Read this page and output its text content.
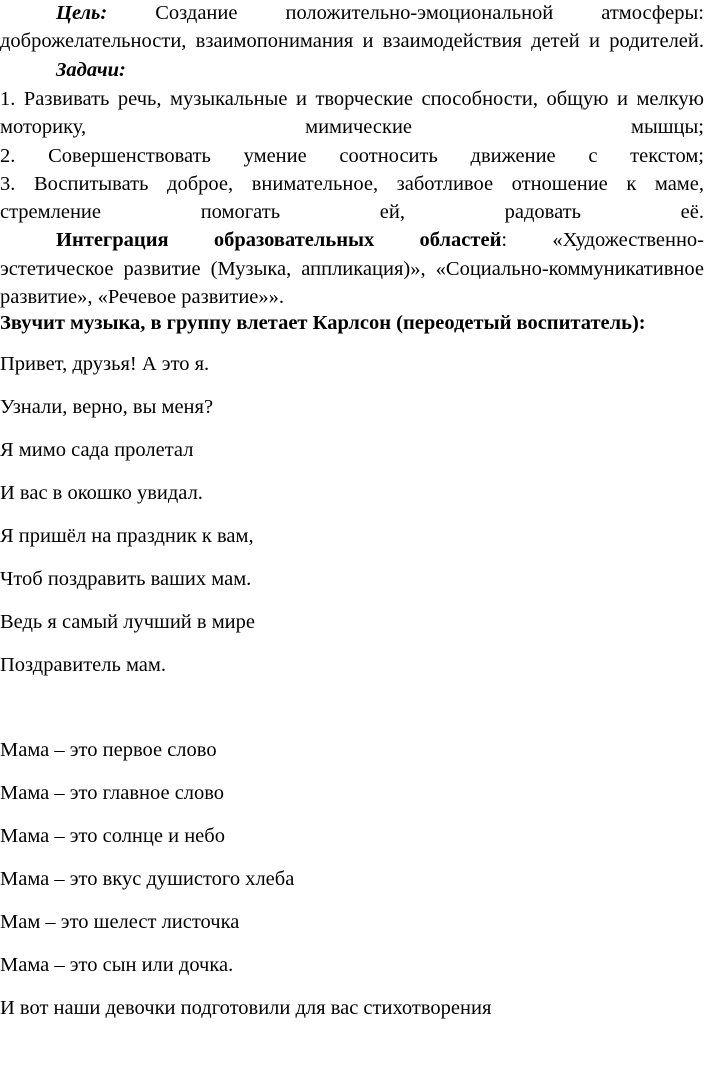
Цель: Создание положительно-эмоциональной атмосферы:
доброжелательности, взаимопонимания и взаимодействия детей и родителей.
Задачи:
1. Развивать речь, музыкальные и творческие способности, общую и мелкую
моторику, мимические мышцы;
2. Совершенствовать умение соотносить движение с текстом;
3. Воспитывать доброе, внимательное, заботливое отношение к маме,
стремление помогать ей, радовать её.
Интеграция образовательных областей: «Художественно-
эстетическое развитие (Музыка, аппликация)», «Социально-коммуникативное
развитие», «Речевое развитие»».
Звучит музыка, в группу влетает Карлсон (переодетый воспитатель):
Привет, друзья! А это я.
Узнали, верно, вы меня?
Я мимо сада пролетал
И вас в окошко увидал.
Я пришёл на праздник к вам,
Чтоб поздравить ваших мам.
Ведь я самый лучший в мире
Поздравитель мам.
Мама – это первое слово
Мама – это главное слово
Мама – это солнце и небо
Мама – это вкус душистого хлеба
Мам – это шелест листочка
Мама – это сын или дочка.
И вот наши девочки подготовили для вас стихотворения
